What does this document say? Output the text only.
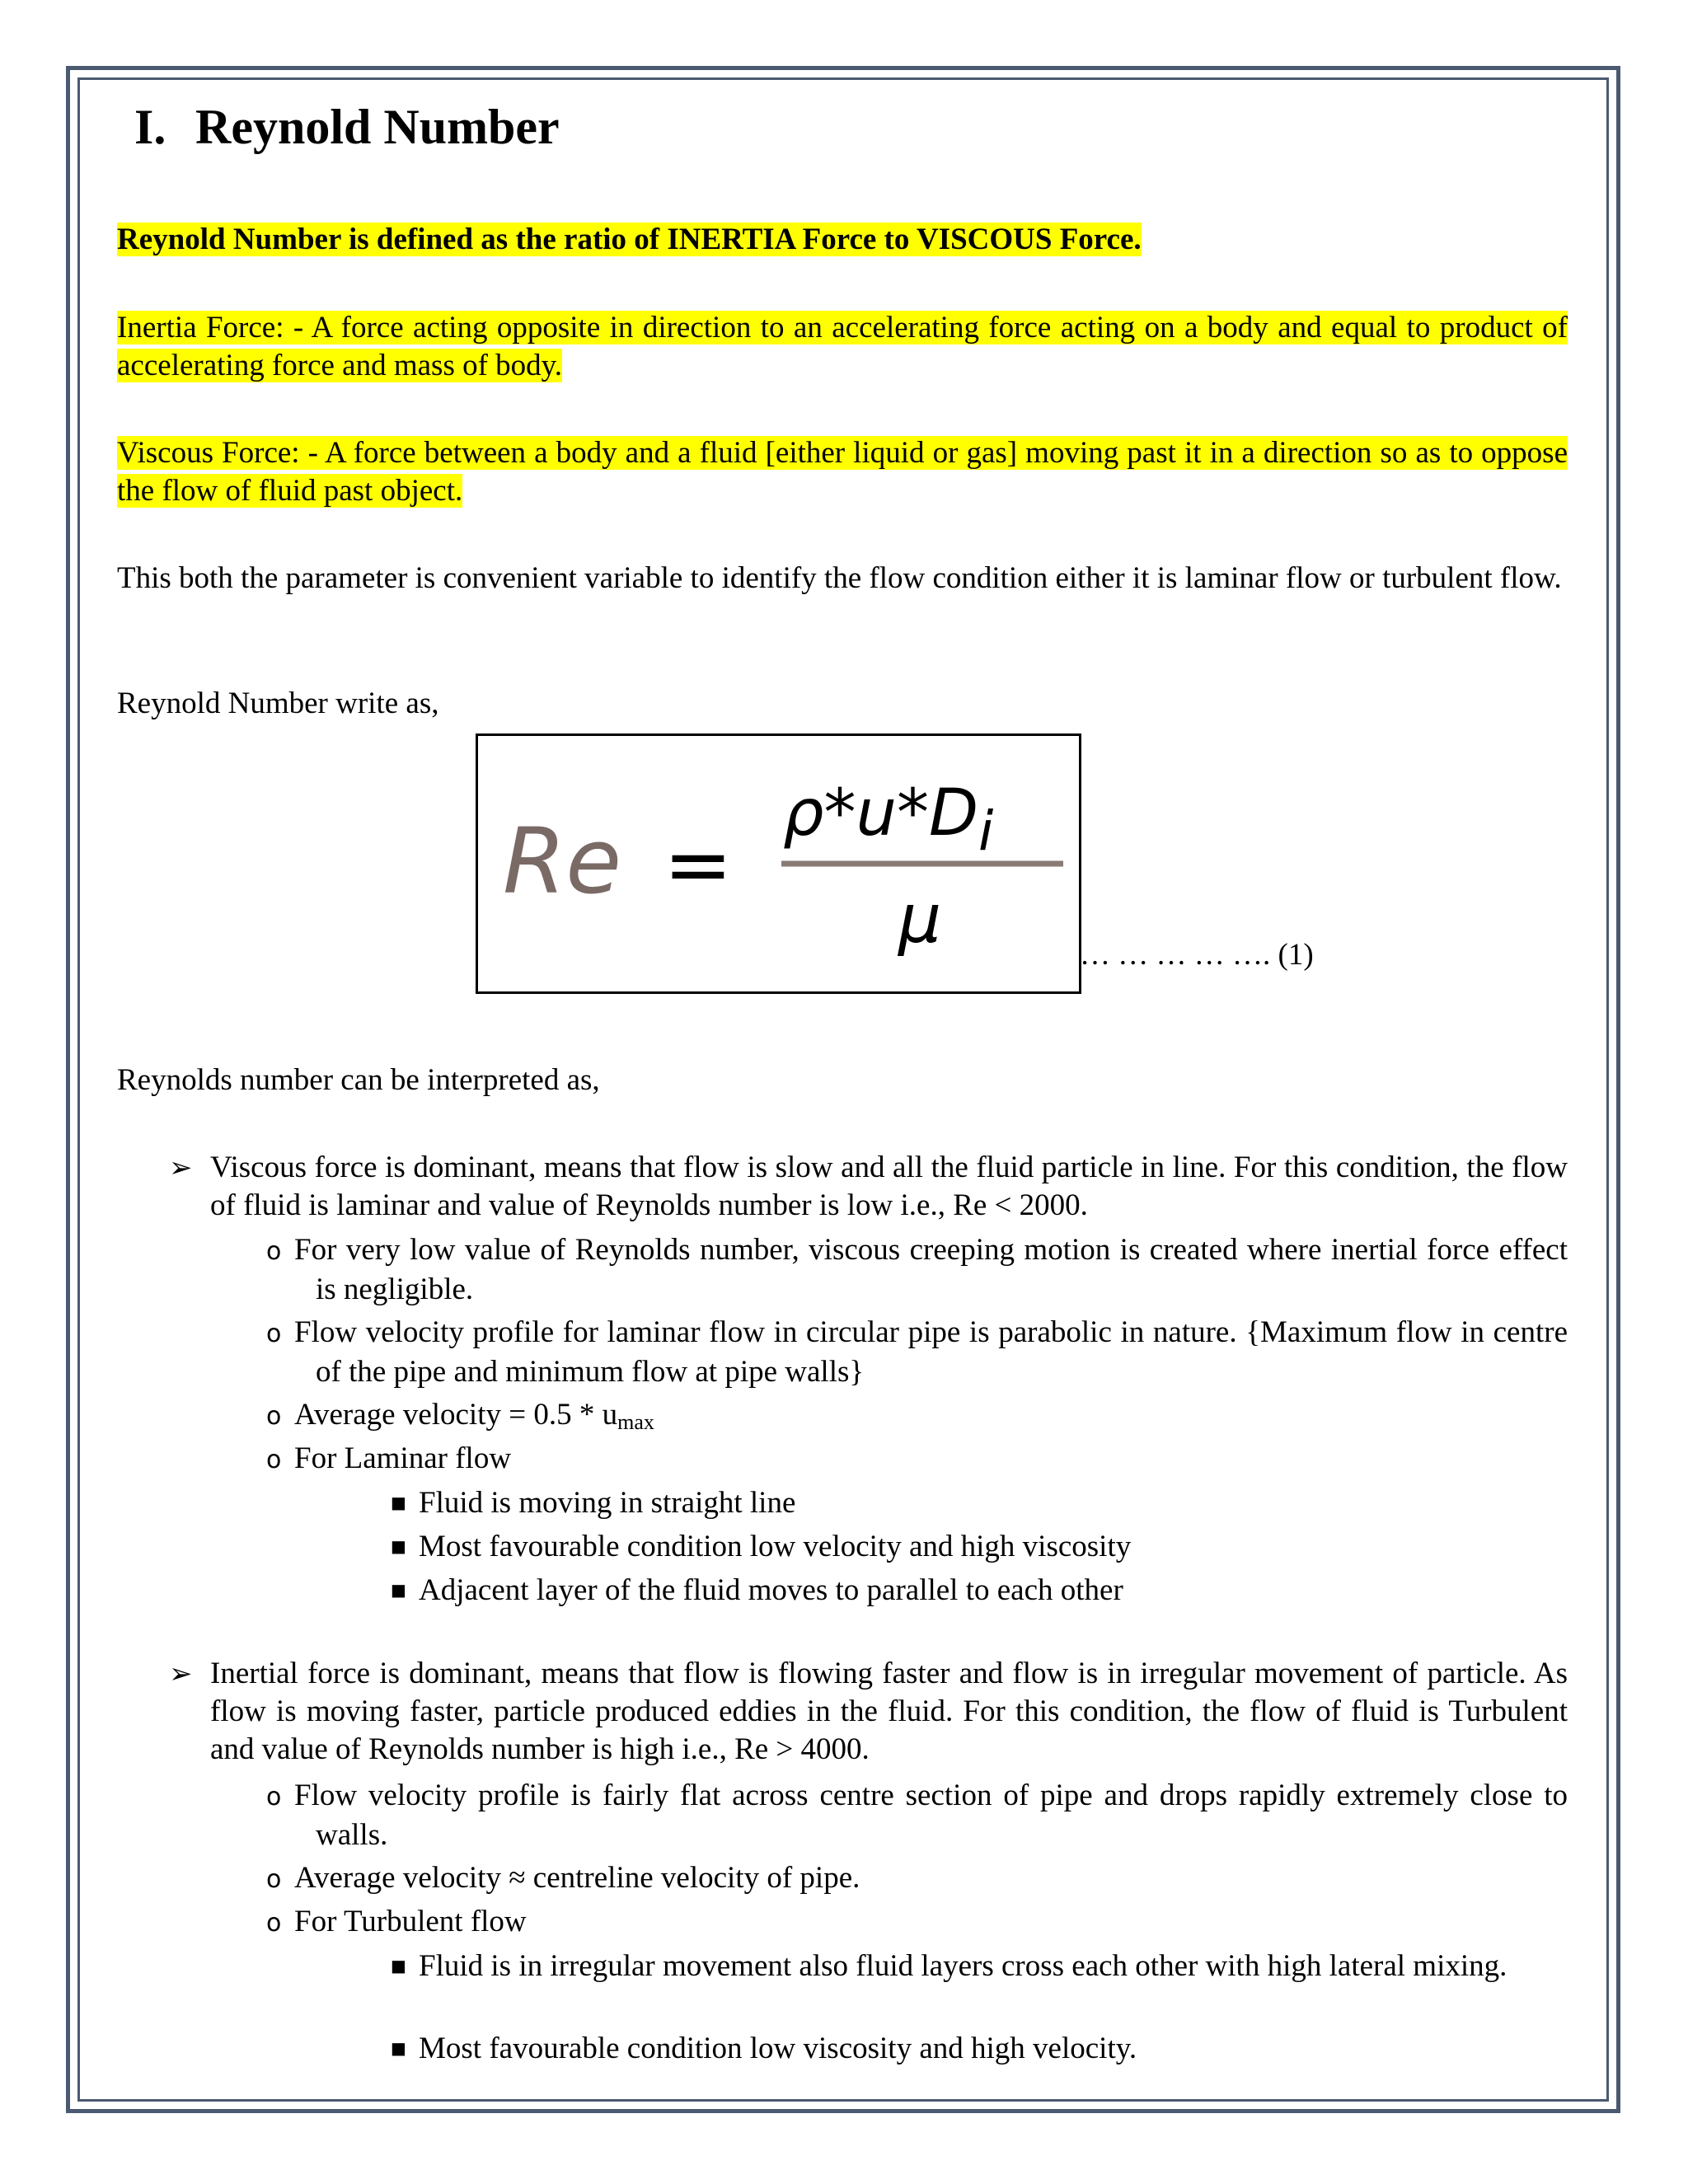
I. Reynold Number
Reynold Number is defined as the ratio of INERTIA Force to VISCOUS Force.
Inertia Force: - A force acting opposite in direction to an accelerating force acting on a body and equal to product of accelerating force and mass of body.
Viscous Force: - A force between a body and a fluid [either liquid or gas] moving past it in a direction so as to oppose the flow of fluid past object.
This both the parameter is convenient variable to identify the flow condition either it is laminar flow or turbulent flow.
Reynold Number write as,
Re =
$\rho*u*D_i$
μ	… … … … …. (1)
Reynolds number can be interpreted as,
➢ Viscous force is dominant, means that flow is slow and all the fluid particle in line. For this condition, the flow of fluid is laminar and value of Reynolds number is low i.e., Re < 2000.
o For very low value of Reynolds number, viscous creeping motion is created where inertial force effect is negligible.
o Flow velocity profile for laminar flow in circular pipe is parabolic in nature. {Maximum flow in centre of the pipe and minimum flow at pipe walls}
o Average velocity = $0.5 * u_{max}$
o For Laminar flow
■ Fluid is moving in straight line
■ Most favourable condition low velocity and high viscosity
■ Adjacent layer of the fluid moves to parallel to each other
➢ Inertial force is dominant, means that flow is flowing faster and flow is in irregular movement of particle. As flow is moving faster, particle produced eddies in the fluid. For this condition, the flow of fluid is Turbulent and value of Reynolds number is high i.e., Re > 4000.
o Flow velocity profile is fairly flat across centre section of pipe and drops rapidly extremely close to walls.
o Average velocity ≈ centreline velocity of pipe.
o For Turbulent flow
■ Fluid is in irregular movement also fluid layers cross each other with high lateral mixing.
■ Most favourable condition low viscosity and high velocity.
